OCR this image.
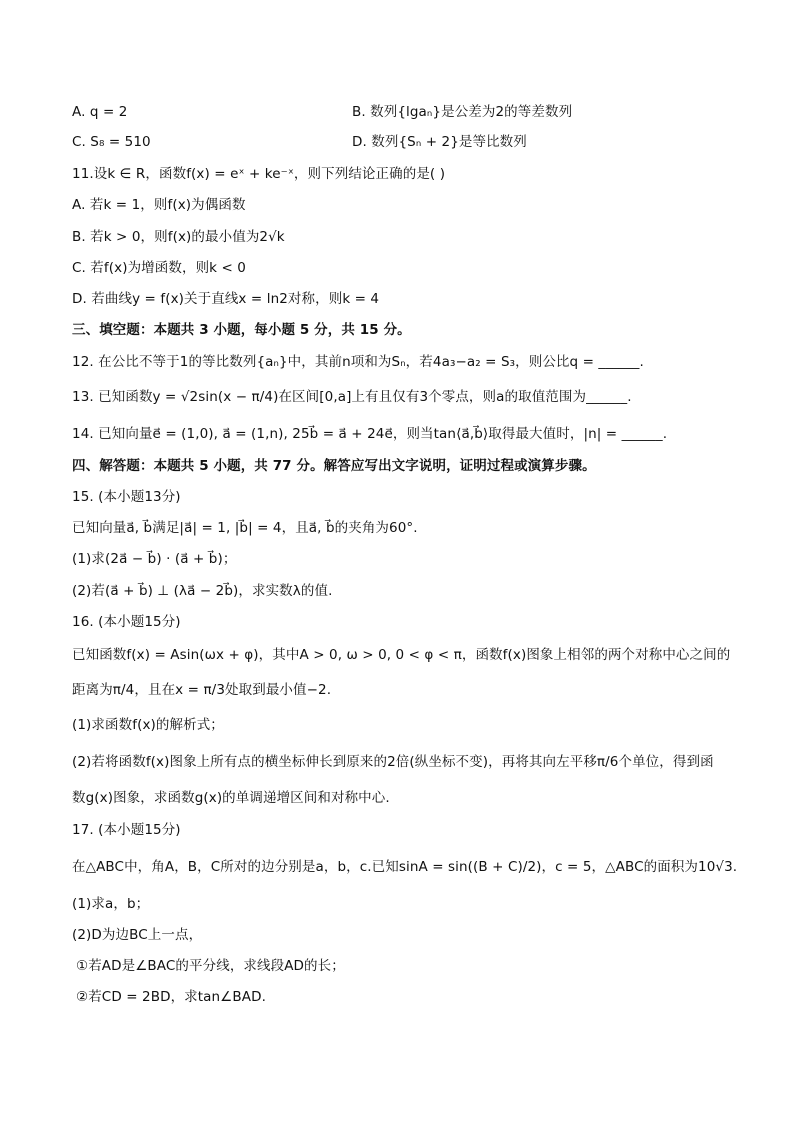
A. q = 2	B. 数列{lgaₙ}是公差为2的等差数列
C. S₈ = 510	D. 数列{Sₙ + 2}是等比数列
11.设k ∈ R，函数f(x) = eˣ + ke⁻ˣ，则下列结论正确的是( )
A. 若k = 1，则f(x)为偶函数
B. 若k > 0，则f(x)的最小值为2√k
C. 若f(x)为增函数，则k < 0
D. 若曲线y = f(x)关于直线x = ln2对称，则k = 4
三、填空题：本题共 3 小题，每小题 5 分，共 15 分。
12. 在公比不等于1的等比数列{aₙ}中，其前n项和为Sₙ，若4a₃−a₂ = S₃，则公比q = ______.
13. 已知函数y = √2sin(x − π/4)在区间[0,a]上有且仅有3个零点，则a的取值范围为______.
14. 已知向量e⃗ = (1,0), a⃗ = (1,n), 25b⃗ = a⃗ + 24e⃗，则当tan⟨a⃗,b⃗⟩取得最大值时，|n| = ______.
四、解答题：本题共 5 小题，共 77 分。解答应写出文字说明，证明过程或演算步骤。
15. (本小题13分)
已知向量a⃗, b⃗满足|a⃗| = 1, |b⃗| = 4，且a⃗, b⃗的夹角为60°.
(1)求(2a⃗ − b⃗) · (a⃗ + b⃗)；
(2)若(a⃗ + b⃗) ⊥ (λa⃗ − 2b⃗)，求实数λ的值.
16. (本小题15分)
已知函数f(x) = Asin(ωx + φ)，其中A > 0, ω > 0, 0 < φ < π，函数f(x)图象上相邻的两个对称中心之间的
距离为π/4，且在x = π/3处取到最小值−2.
(1)求函数f(x)的解析式；
(2)若将函数f(x)图象上所有点的横坐标伸长到原来的2倍(纵坐标不变)，再将其向左平移π/6个单位，得到函
数g(x)图象，求函数g(x)的单调递增区间和对称中心.
17. (本小题15分)
在△ABC中，角A，B，C所对的边分别是a，b，c.已知sinA = sin((B + C)/2)，c = 5，△ABC的面积为10√3.
(1)求a，b；
(2)D为边BC上一点，
①若AD是∠BAC的平分线，求线段AD的长；
②若CD = 2BD，求tan∠BAD.
